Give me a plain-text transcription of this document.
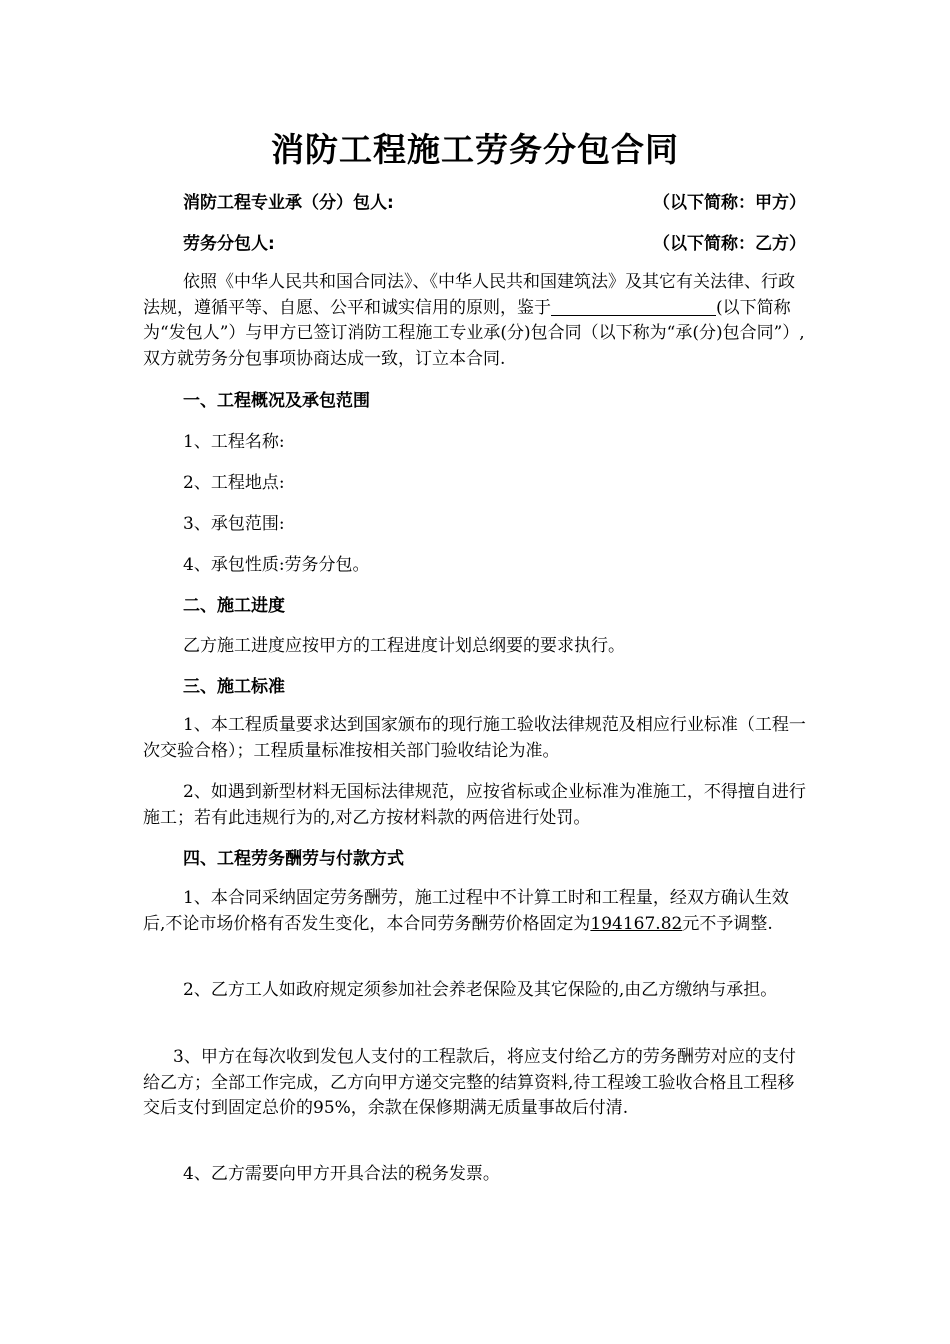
消防工程施工劳务分包合同
消防工程专业承（分）包人:	（以下简称：甲方）
劳务分包人:	（以下简称：乙方）

依照《中华人民共和国合同法》、《中华人民共和国建筑法》及其它有关法律、行政法规，遵循平等、自愿、公平和诚实信用的原则，鉴于	(以下简称为“发包人”）与甲方已签订消防工程施工专业承(分)包合同（以下称为“承(分)包合同”）, 双方就劳务分包事项协商达成一致，订立本合同.

一、工程概况及承包范围
1、工程名称:
2、工程地点:
3、承包范围:
4、承包性质:劳务分包。
二、施工进度
乙方施工进度应按甲方的工程进度计划总纲要的要求执行。
三、施工标准

1、本工程质量要求达到国家颁布的现行施工验收法律规范及相应行业标准（工程一次交验合格）；工程质量标准按相关部门验收结论为准。

2、如遇到新型材料无国标法律规范，应按省标或企业标准为准施工，不得擅自进行施工；若有此违规行为的,对乙方按材料款的两倍进行处罚。

四、工程劳务酬劳与付款方式

1、本合同采纳固定劳务酬劳，施工过程中不计算工时和工程量，经双方确认生效后,不论市场价格有否发生变化，本合同劳务酬劳价格固定为194167.82元不予调整.

2、乙方工人如政府规定须参加社会养老保险及其它保险的,由乙方缴纳与承担。

3、甲方在每次收到发包人支付的工程款后，将应支付给乙方的劳务酬劳对应的支付给乙方；全部工作完成，乙方向甲方递交完整的结算资料,待工程竣工验收合格且工程移交后支付到固定总价的95%，余款在保修期满无质量事故后付清.

4、乙方需要向甲方开具合法的税务发票。
